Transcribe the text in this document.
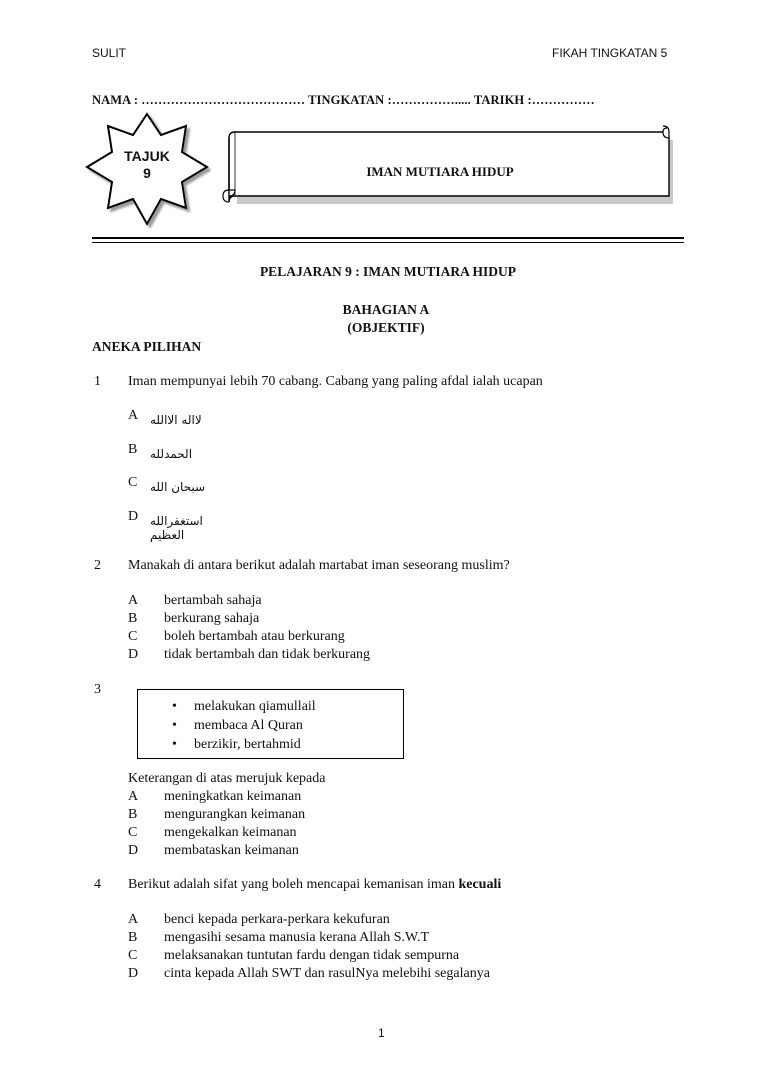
SULIT	FIKAH TINGKATAN 5
NAMA : ………………………………… TINGKATAN :……………..... TARIKH :……………
TAJUK
9	IMAN MUTIARA HIDUP
PELAJARAN 9 : IMAN MUTIARA HIDUP
BAHAGIAN A
(OBJEKTIF)
ANEKA PILIHAN
1 Iman mempunyai lebih 70 cabang. Cabang yang paling afdal ialah ucapan
A لااله الاالله
B الحمدلله
C سبحان الله
D استغفرالله العظيم
2 Manakah di antara berikut adalah martabat iman seseorang muslim?
A bertambah sahaja
B berkurang sahaja
C boleh bertambah atau berkurang
D tidak bertambah dan tidak berkurang
3
• melakukan qiamullail
• membaca Al Quran
• berzikir, bertahmid
Keterangan di atas merujuk kepada
A meningkatkan keimanan
B mengurangkan keimanan
C mengekalkan keimanan
D membataskan keimanan
4 Berikut adalah sifat yang boleh mencapai kemanisan iman kecuali
A benci kepada perkara-perkara kekufuran
B mengasihi sesama manusia kerana Allah S.W.T
C melaksanakan tuntutan fardu dengan tidak sempurna
D cinta kepada Allah SWT dan rasulNya melebihi segalanya
1
